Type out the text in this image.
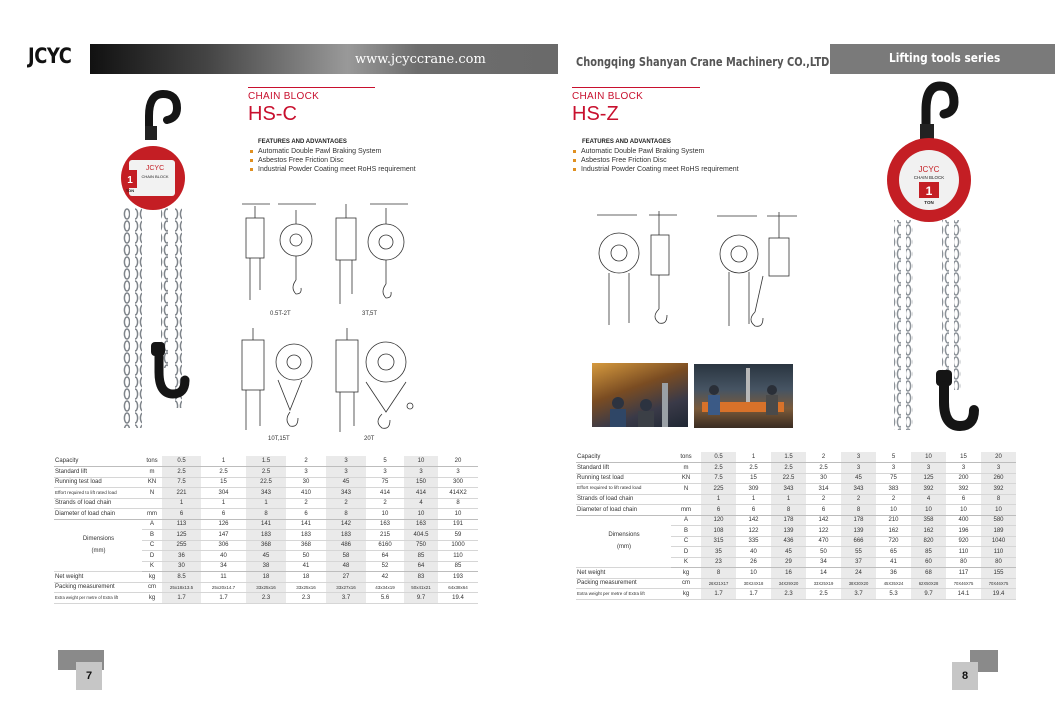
JCYC	www.jcyccrane.com	Chongqing Shanyan Crane Machinery CO.,LTD	Lifting tools series
JCYC
CHAIN BLOCK
1
TON
CHAIN BLOCK
HS-C
FEATURES AND ADVANTAGES
Automatic Double Pawl Braking System
Asbestos Free Friction Disc
Industrial Powder Coating meet RoHS requirement
0.5T-2T	3T,5T
10T,15T	20T
Capacity	tons	0.5	1	1.5	2	3	5	10	20
Standard lift	m	2.5	2.5	2.5	3	3	3	3	3
Running test load	KN	7.5	15	22.5	30	45	75	150	300
Effort required to lift rated load	N	221	304	343	410	343	414	414	414X2
Strands of load chain		1	1	1	2	2	2	4	8
Diameter of load chain	mm	6	6	8	6	8	10	10	10
Dimensions
(mm)	A	113	126	141	141	142	163	163	191
	B	125	147	183	183	183	215	404.5	59
	C	255	306	368	368	486	6160	750	1000
	D	36	40	45	50	58	64	85	110
	K	30	34	38	41	48	52	64	85
Net weight	kg	8.5	11	18	18	27	42	83	193
Packing measurement	cm	25x18x13.5	25x20x14.7	33x25x16	33x25x16	33x27x16	43x34x19	50x41x21	64x38x64
Extra weight per metre of Extra lift	kg	1.7	1.7	2.3	2.3	3.7	5.6	9.7	19.4
7
CHAIN BLOCK
HS-Z
FEATURES AND ADVANTAGES
Automatic Double Pawl Braking System
Asbestos Free Friction Disc
Industrial Powder Coating meet RoHS requirement	JCYC
CHAIN BLOCK
1
TON
Capacity	tons	0.5	1	1.5	2	3	5	10	15	20
Standard lift	m	2.5	2.5	2.5	2.5	3	3	3	3	3
Running test load	KN	7.5	15	22.5	30	45	75	125	200	260
Effort required to lift rated load	N	225	309	343	314	343	383	392	392	392
Strands of load chain		1	1	1	2	2	2	4	6	8
Diameter of load chain	mm	6	6	8	6	8	10	10	10	10
Dimensions
(mm)	A	120	142	178	142	178	210	358	400	580
	B	108	122	139	122	139	162	162	196	189
	C	315	335	436	470	666	720	820	920	1040
	D	35	40	45	50	55	65	85	110	110
	K	23	26	29	34	37	41	60	80	80
Net weight	kg	8	10	16	14	24	36	68	117	155
Packing measurement	cm	26X21X17	30X24X18	34X29X20	33X25X19	38X30X20	45X35X24	62X50X28	70X46X75	70X46X75
Extra weight per metre of Extra lift	kg	1.7	1.7	2.3	2.5	3.7	5.3	9.7	14.1	19.4
8
